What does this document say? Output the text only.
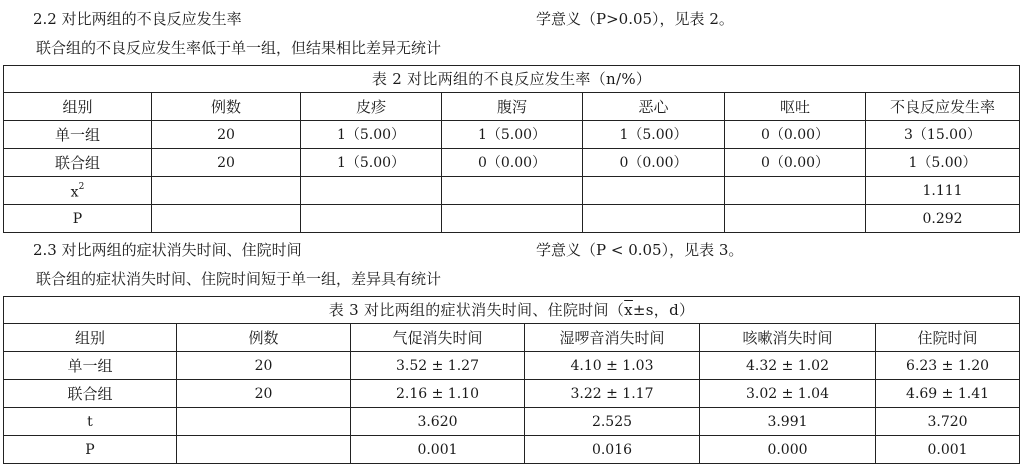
2.2 对比两组的不良反应发生率	学意义（P>0.05），见表 2。
联合组的不良反应发生率低于单一组，但结果相比差异无统计
表 2 对比两组的不良反应发生率（n/%）						
组别	例数	皮疹	腹泻	恶心	呕吐	不良反应发生率
单一组	20	1（5.00）	1（5.00）	1（5.00）	0（0.00）	3（15.00）
联合组	20	1（5.00）	0（0.00）	0（0.00）	0（0.00）	1（5.00）
$x^2$						1.111
P						0.292
2.3 对比两组的症状消失时间、住院时间	学意义（P < 0.05），见表 3。
联合组的症状消失时间、住院时间短于单一组，差异具有统计
表 3 对比两组的症状消失时间、住院时间（$\overline{x}\pm s$，d）					
组别	例数	气促消失时间	湿啰音消失时间	咳嗽消失时间	住院时间
单一组	20	3.52 ± 1.27	4.10 ± 1.03	4.32 ± 1.02	6.23 ± 1.20
联合组	20	2.16 ± 1.10	3.22 ± 1.17	3.02 ± 1.04	4.69 ± 1.41
t		3.620	2.525	3.991	3.720
P		0.001	0.016	0.000	0.001
